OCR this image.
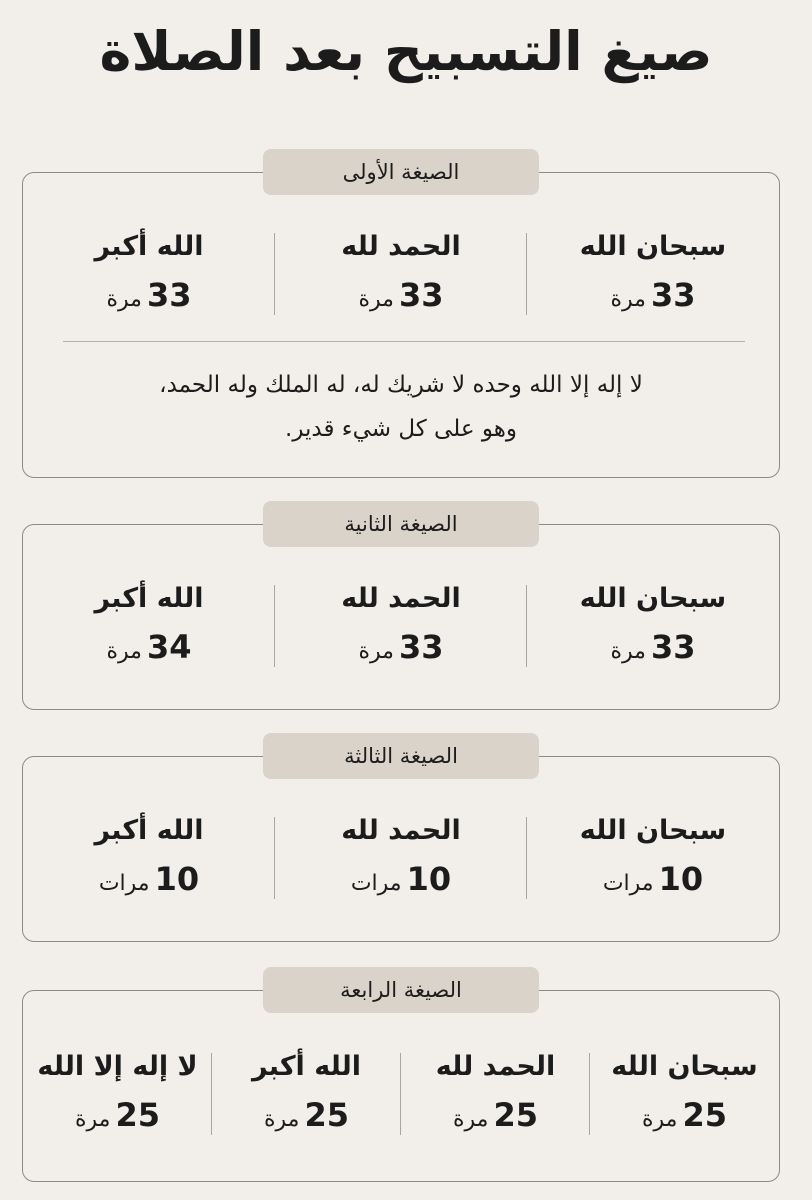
صيغ التسبيح بعد الصلاة
الصيغة الأولى
سبحان الله
33 مرة
الحمد لله
33 مرة
الله أكبر
33 مرة
لا إله إلا الله وحده لا شريك له، له الملك وله الحمد،
وهو على كل شيء قدير.
الصيغة الثانية
سبحان الله
33 مرة
الحمد لله
33 مرة
الله أكبر
34 مرة
الصيغة الثالثة
سبحان الله
10 مرات
الحمد لله
10 مرات
الله أكبر
10 مرات
الصيغة الرابعة
سبحان الله
25 مرة
الحمد لله
25 مرة
الله أكبر
25 مرة
لا إله إلا الله
25 مرة
